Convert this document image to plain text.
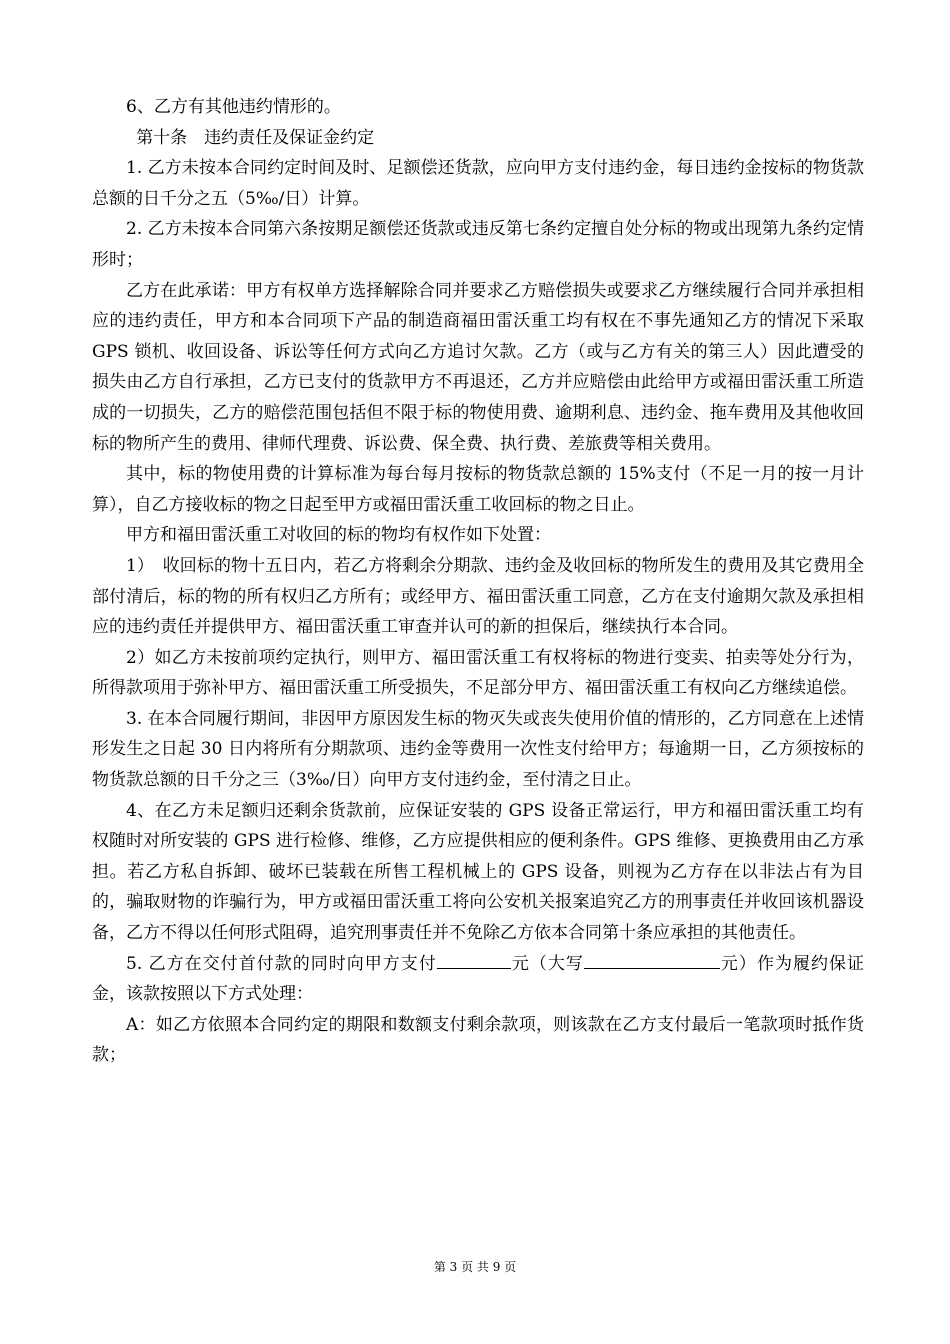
6、乙方有其他违约情形的。

第十条　违约责任及保证金约定

1. 乙方未按本合同约定时间及时、足额偿还货款，应向甲方支付违约金，每日违约金按标的物货款总额的日千分之五（5‰/日）计算。

2. 乙方未按本合同第六条按期足额偿还货款或违反第七条约定擅自处分标的物或出现第九条约定情形时；

乙方在此承诺：甲方有权单方选择解除合同并要求乙方赔偿损失或要求乙方继续履行合同并承担相应的违约责任，甲方和本合同项下产品的制造商福田雷沃重工均有权在不事先通知乙方的情况下采取 GPS 锁机、收回设备、诉讼等任何方式向乙方追讨欠款。乙方（或与乙方有关的第三人）因此遭受的损失由乙方自行承担，乙方已支付的货款甲方不再退还，乙方并应赔偿由此给甲方或福田雷沃重工所造成的一切损失，乙方的赔偿范围包括但不限于标的物使用费、逾期利息、违约金、拖车费用及其他收回标的物所产生的费用、律师代理费、诉讼费、保全费、执行费、差旅费等相关费用。

其中，标的物使用费的计算标准为每台每月按标的物货款总额的 15%支付（不足一月的按一月计算），自乙方接收标的物之日起至甲方或福田雷沃重工收回标的物之日止。

甲方和福田雷沃重工对收回的标的物均有权作如下处置：

1）　收回标的物十五日内，若乙方将剩余分期款、违约金及收回标的物所发生的费用及其它费用全部付清后，标的物的所有权归乙方所有；或经甲方、福田雷沃重工同意，乙方在支付逾期欠款及承担相应的违约责任并提供甲方、福田雷沃重工审查并认可的新的担保后，继续执行本合同。

2）如乙方未按前项约定执行，则甲方、福田雷沃重工有权将标的物进行变卖、拍卖等处分行为，所得款项用于弥补甲方、福田雷沃重工所受损失，不足部分甲方、福田雷沃重工有权向乙方继续追偿。

3. 在本合同履行期间，非因甲方原因发生标的物灭失或丧失使用价值的情形的，乙方同意在上述情形发生之日起 30 日内将所有分期款项、违约金等费用一次性支付给甲方；每逾期一日，乙方须按标的物货款总额的日千分之三（3‰/日）向甲方支付违约金，至付清之日止。

4、在乙方未足额归还剩余货款前，应保证安装的 GPS 设备正常运行，甲方和福田雷沃重工均有权随时对所安装的 GPS 进行检修、维修，乙方应提供相应的便利条件。GPS 维修、更换费用由乙方承担。若乙方私自拆卸、破坏已装载在所售工程机械上的 GPS 设备，则视为乙方存在以非法占有为目的，骗取财物的诈骗行为，甲方或福田雷沃重工将向公安机关报案追究乙方的刑事责任并收回该机器设备，乙方不得以任何形式阻碍，追究刑事责任并不免除乙方依本合同第十条应承担的其他责任。

5. 乙方在交付首付款的同时向甲方支付	元（大写	元）作为履约保证金，该款按照以下方式处理：

A：如乙方依照本合同约定的期限和数额支付剩余款项，则该款在乙方支付最后一笔款项时抵作货款；

第 3 页 共 9 页
